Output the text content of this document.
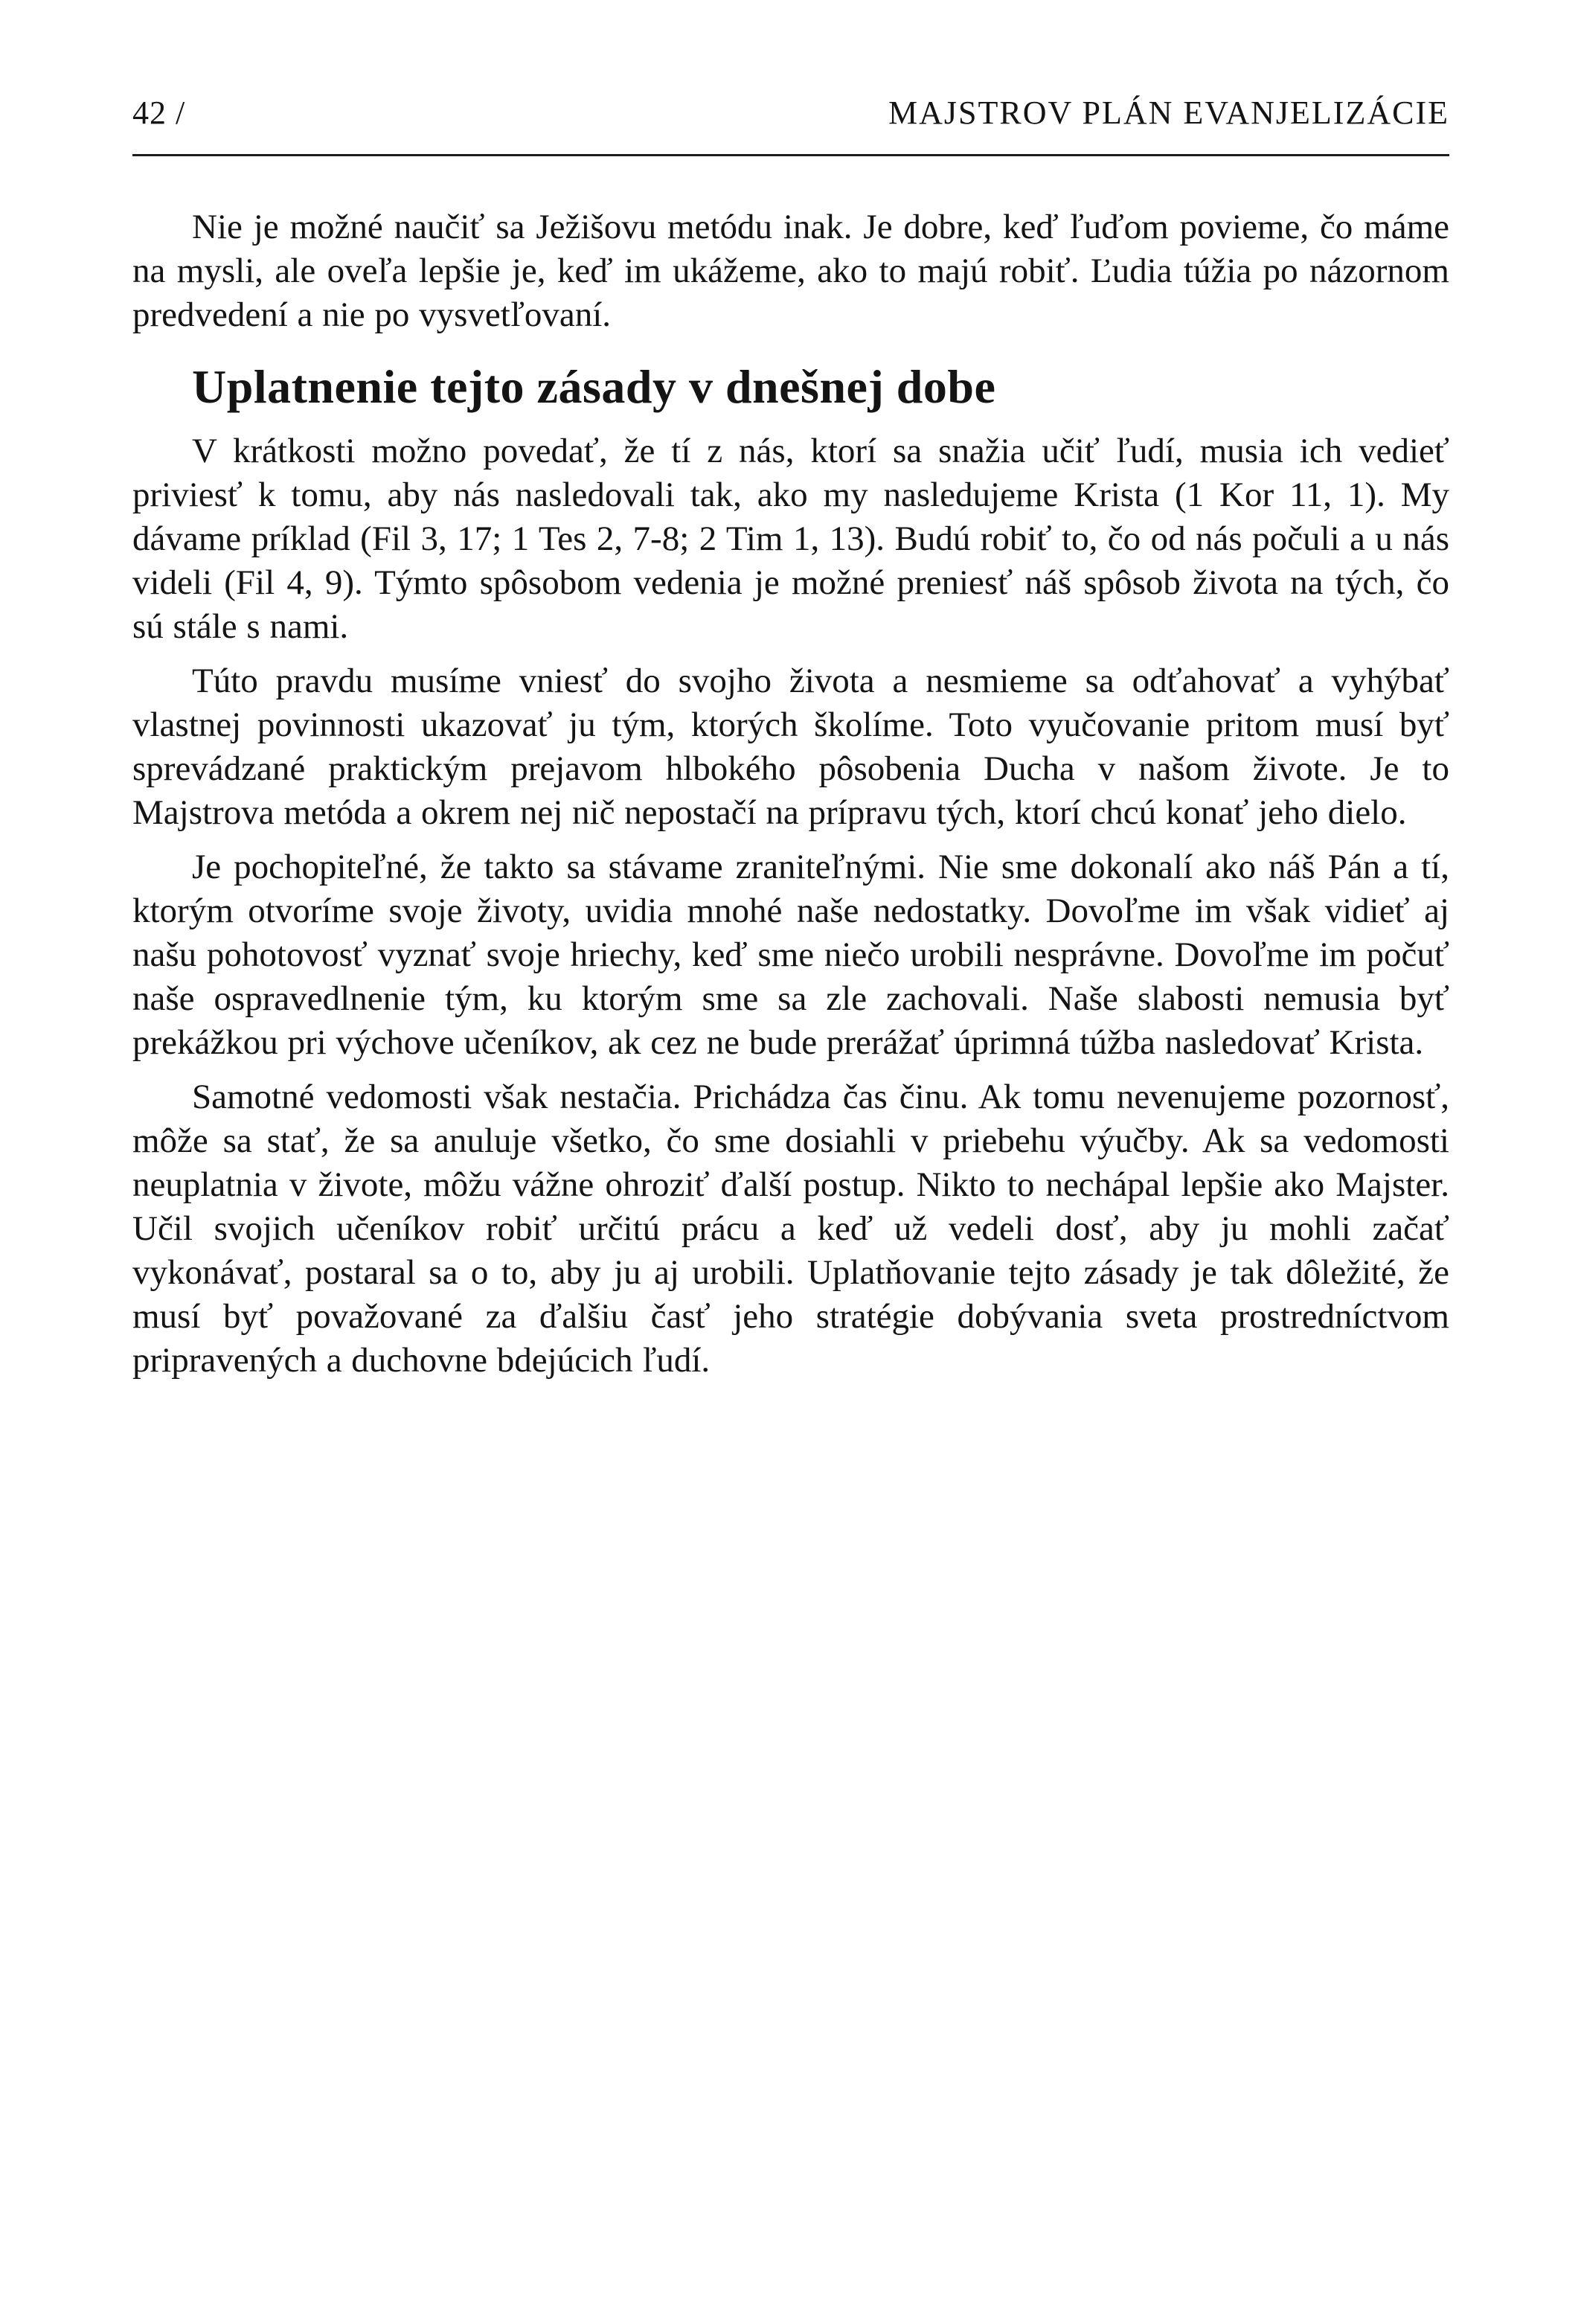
42 /	MAJSTROV PLÁN EVANJELIZÁCIE

Nie je možné naučiť sa Ježišovu metódu inak. Je dobre, keď ľuďom povieme, čo máme na mysli, ale oveľa lepšie je, keď im ukážeme, ako to majú robiť. Ľudia túžia po názornom predvedení a nie po vysvetľovaní.

Uplatnenie tejto zásady v dnešnej dobe

V krátkosti možno povedať, že tí z nás, ktorí sa snažia učiť ľudí, musia ich vedieť priviesť k tomu, aby nás nasledovali tak, ako my nasledujeme Krista (1 Kor 11, 1). My dávame príklad (Fil 3, 17; 1 Tes 2, 7-8; 2 Tim 1, 13). Budú robiť to, čo od nás počuli a u nás videli (Fil 4, 9). Týmto spôsobom vedenia je možné preniesť náš spôsob života na tých, čo sú stále s nami.

Túto pravdu musíme vniesť do svojho života a nesmieme sa odťahovať a vyhýbať vlastnej povinnosti ukazovať ju tým, ktorých školíme. Toto vyučovanie pritom musí byť sprevádzané praktickým prejavom hlbokého pôsobenia Ducha v našom živote. Je to Majstrova metóda a okrem nej nič nepostačí na prípravu tých, ktorí chcú konať jeho dielo.

Je pochopiteľné, že takto sa stávame zraniteľnými. Nie sme dokonalí ako náš Pán a tí, ktorým otvoríme svoje životy, uvidia mnohé naše nedostatky. Dovoľme im však vidieť aj našu pohotovosť vyznať svoje hriechy, keď sme niečo urobili nesprávne. Dovoľme im počuť naše ospravedlnenie tým, ku ktorým sme sa zle zachovali. Naše slabosti nemusia byť prekážkou pri výchove učeníkov, ak cez ne bude prerážať úprimná túžba nasledovať Krista.

Samotné vedomosti však nestačia. Prichádza čas činu. Ak tomu nevenujeme pozornosť, môže sa stať, že sa anuluje všetko, čo sme dosiahli v priebehu výučby. Ak sa vedomosti neuplatnia v živote, môžu vážne ohroziť ďalší postup. Nikto to nechápal lepšie ako Majster. Učil svojich učeníkov robiť určitú prácu a keď už vedeli dosť, aby ju mohli začať vykonávať, postaral sa o to, aby ju aj urobili. Uplatňovanie tejto zásady je tak dôležité, že musí byť považované za ďalšiu časť jeho stratégie dobývania sveta prostredníctvom pripravených a duchovne bdejúcich ľudí.
